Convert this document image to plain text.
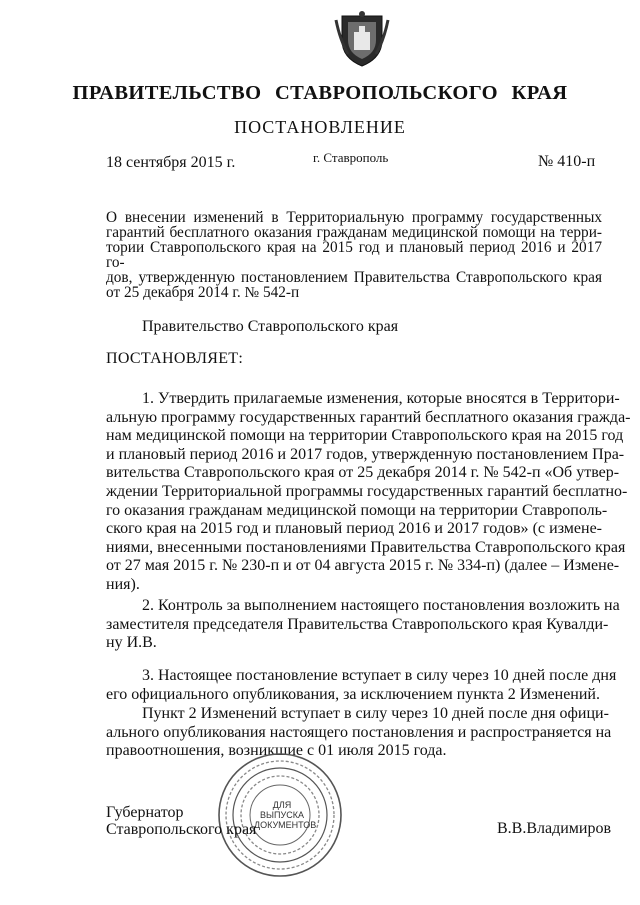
ПРАВИТЕЛЬСТВО СТАВРОПОЛЬСКОГО КРАЯ
ПОСТАНОВЛЕНИЕ
18 сентября 2015 г.	г. Ставрополь	№ 410-п
О внесении изменений в Территориальную программу государственных
гарантий бесплатного оказания гражданам медицинской помощи на терри-
тории Ставропольского края на 2015 год и плановый период 2016 и 2017 го-
дов, утвержденную постановлением Правительства Ставропольского края
от 25 декабря 2014 г. № 542-п
Правительство Ставропольского края
ПОСТАНОВЛЯЕТ:
1. Утвердить прилагаемые изменения, которые вносятся в Территори-
альную программу государственных гарантий бесплатного оказания гражда-
нам медицинской помощи на территории Ставропольского края на 2015 год
и плановый период 2016 и 2017 годов, утвержденную постановлением Пра-
вительства Ставропольского края от 25 декабря 2014 г. № 542-п «Об утвер-
ждении Территориальной программы государственных гарантий бесплатно-
го оказания гражданам медицинской помощи на территории Ставрополь-
ского края на 2015 год и плановый период 2016 и 2017 годов» (с измене-
ниями, внесенными постановлениями Правительства Ставропольского края
от 27 мая 2015 г. № 230-п и от 04 августа 2015 г. № 334-п) (далее – Измене-
ния).
2. Контроль за выполнением настоящего постановления возложить на
заместителя председателя Правительства Ставропольского края Кувалди-
ну И.В.
3. Настоящее постановление вступает в силу через 10 дней после дня
его официального опубликования, за исключением пункта 2 Изменений.
Пункт 2 Изменений вступает в силу через 10 дней после дня офици-
ального опубликования настоящего постановления и распространяется на
правоотношения, возникшие с 01 июля 2015 года.
ДЛЯ
ВЫПУСКА
ДОКУМЕНТОВ
Губернатор
Ставропольского края	В.В.Владимиров
